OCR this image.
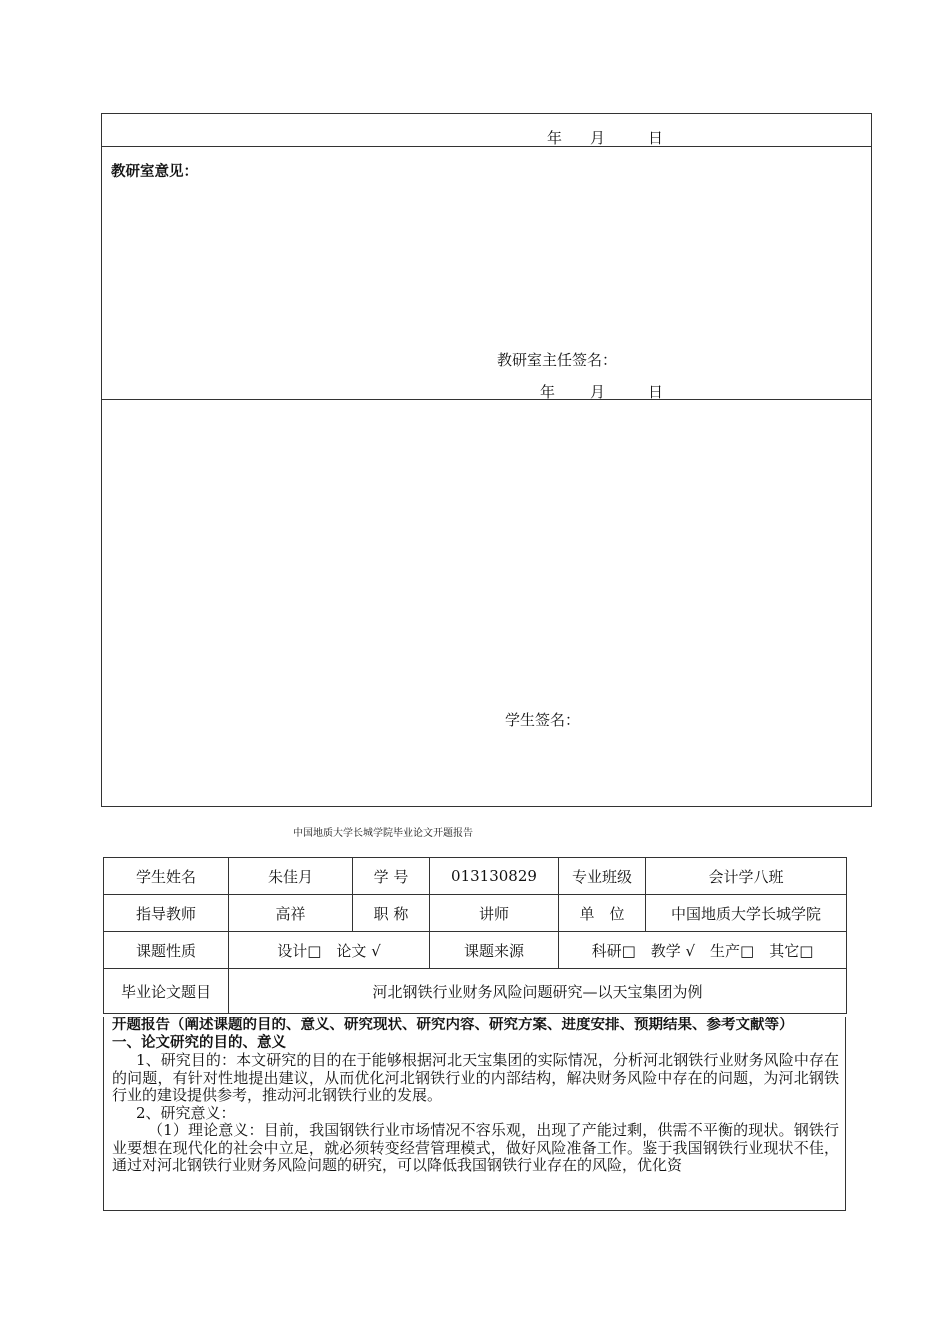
年 月	日
教研室意见：
教研室主任签名：
年 月	日
学生签名：
中国地质大学长城学院毕业论文开题报告
学生姓名	朱佳月	学 号	013130829	专业班级	会计学八班
指导教师	高祥	职 称	讲师	单　位	中国地质大学长城学院
课题性质	设计□　论文 √		课题来源	科研□　教学 √　生产□　其它□	
毕业论文题目	河北钢铁行业财务风险问题研究—以天宝集团为例				

开题报告（阐述课题的目的、意义、研究现状、研究内容、研究方案、进度安排、预期结果、参考文献等）

一、论文研究的目的、意义

1、研究目的：本文研究的目的在于能够根据河北天宝集团的实际情况，分析河北钢铁行业财务风险中存在的问题，有针对性地提出建议，从而优化河北钢铁行业的内部结构，解决财务风险中存在的问题，为河北钢铁行业的建设提供参考，推动河北钢铁行业的发展。

2、研究意义：

（1）理论意义：目前，我国钢铁行业市场情况不容乐观，出现了产能过剩，供需不平衡的现状。钢铁行业要想在现代化的社会中立足，就必须转变经营管理模式，做好风险准备工作。鉴于我国钢铁行业现状不佳，通过对河北钢铁行业财务风险问题的研究，可以降低我国钢铁行业存在的风险，优化资
